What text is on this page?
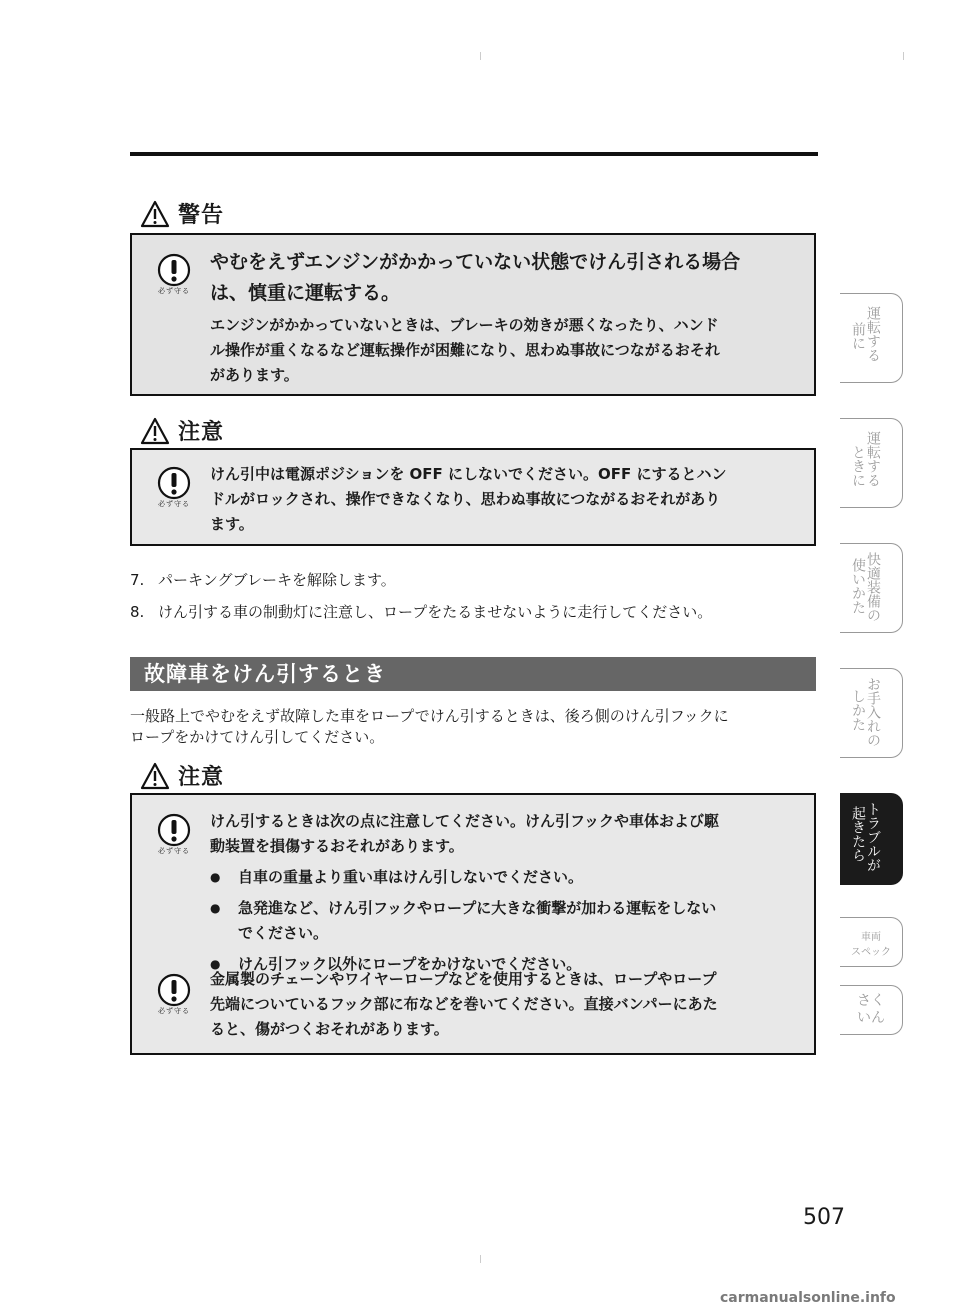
警告
必ず守る
やむをえずエンジンがかかっていない状態でけん引される場合
は、慎重に運転する。
エンジンがかかっていないときは、ブレーキの効きが悪くなったり、ハンド
ル操作が重くなるなど運転操作が困難になり、思わぬ事故につながるおそれ
があります。
注意
必ず守る
けん引中は電源ポジションを OFF にしないでください。OFF にするとハン
ドルがロックされ、操作できなくなり、思わぬ事故につながるおそれがあり
ます。
7. パーキングブレーキを解除します。
8. けん引する車の制動灯に注意し、ロープをたるませないように走行してください。
故障車をけん引するとき
一般路上でやむをえず故障した車をロープでけん引するときは、後ろ側のけん引フックに
ロープをかけてけん引してください。
注意
必ず守る
けん引するときは次の点に注意してください。けん引フックや車体および駆
動装置を損傷するおそれがあります。
● 自車の重量より重い車はけん引しないでください。
● 急発進など、けん引フックやロープに大きな衝撃が加わる運転をしない
でください。
● けん引フック以外にロープをかけないでください。
必ず守る
金属製のチェーンやワイヤーロープなどを使用するときは、ロープやロープ
先端についているフック部に布などを巻いてください。直接バンパーにあた
ると、傷がつくおそれがあります。
運転する
前に
運転する
ときに
快適装備の
使いかた
お手入れの
しかた
トラブルが
起きたら
車両
スペック
さく
いん
507
carmanualsonline.info
